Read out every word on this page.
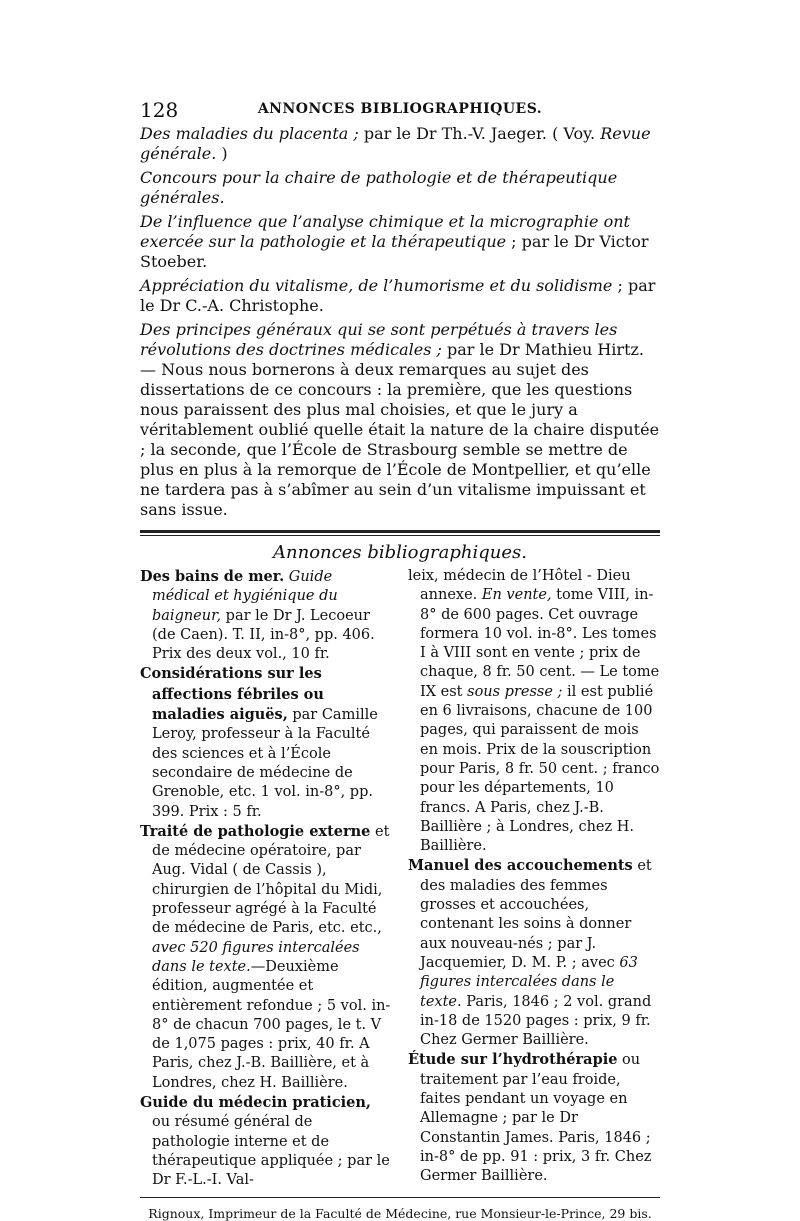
128	ANNONCES BIBLIOGRAPHIQUES.

Des maladies du placenta ; par le Dr Th.-V. Jaeger. ( Voy. Revue générale. )

Concours pour la chaire de pathologie et de thérapeutique générales.

De l’influence que l’analyse chimique et la micrographie ont exercée sur la pathologie et la thérapeutique ; par le Dr Victor Stoeber.

Appréciation du vitalisme, de l’humorisme et du solidisme ; par le Dr C.-A. Christophe.

Des principes généraux qui se sont perpétués à travers les révolutions des doctrines médicales ; par le Dr Mathieu Hirtz. — Nous nous bornerons à deux remarques au sujet des dissertations de ce concours : la première, que les questions nous paraissent des plus mal choisies, et que le jury a véritablement oublié quelle était la nature de la chaire disputée ; la seconde, que l’École de Strasbourg semble se mettre de plus en plus à la remorque de l’École de Montpellier, et qu’elle ne tardera pas à s’abîmer au sein d’un vitalisme impuissant et sans issue.

Annonces bibliographiques.

Des bains de mer. Guide médical et hygiénique du baigneur, par le Dr J. Lecoeur (de Caen). T. II, in-8°, pp. 406. Prix des deux vol., 10 fr.

Considérations sur les affections fébriles ou maladies aiguës, par Camille Leroy, professeur à la Faculté des sciences et à l’École secondaire de médecine de Grenoble, etc. 1 vol. in-8°, pp. 399. Prix : 5 fr.

Traité de pathologie externe et de médecine opératoire, par Aug. Vidal ( de Cassis ), chirurgien de l’hôpital du Midi, professeur agrégé à la Faculté de médecine de Paris, etc. etc., avec 520 figures intercalées dans le texte.—Deuxième édition, augmentée et entièrement refondue ; 5 vol. in-8° de chacun 700 pages, le t. V de 1,075 pages : prix, 40 fr. A Paris, chez J.-B. Baillière, et à Londres, chez H. Baillière.

Guide du médecin praticien, ou résumé général de pathologie interne et de thérapeutique appliquée ; par le Dr F.-L.-I. Val-

leix, médecin de l’Hôtel - Dieu annexe. En vente, tome VIII, in-8° de 600 pages. Cet ouvrage formera 10 vol. in-8°. Les tomes I à VIII sont en vente ; prix de chaque, 8 fr. 50 cent. — Le tome IX est sous presse ; il est publié en 6 livraisons, chacune de 100 pages, qui paraissent de mois en mois. Prix de la souscription pour Paris, 8 fr. 50 cent. ; franco pour les départements, 10 francs. A Paris, chez J.-B. Baillière ; à Londres, chez H. Baillière.

Manuel des accouchements et des maladies des femmes grosses et accouchées, contenant les soins à donner aux nouveau-nés ; par J. Jacquemier, D. M. P. ; avec 63 figures intercalées dans le texte. Paris, 1846 ; 2 vol. grand in-18 de 1520 pages : prix, 9 fr. Chez Germer Baillière.

Étude sur l’hydrothérapie ou traitement par l’eau froide, faites pendant un voyage en Allemagne ; par le Dr Constantin James. Paris, 1846 ; in-8° de pp. 91 : prix, 3 fr. Chez Germer Baillière.

Rignoux, Imprimeur de la Faculté de Médecine, rue Monsieur-le-Prince, 29 bis.
